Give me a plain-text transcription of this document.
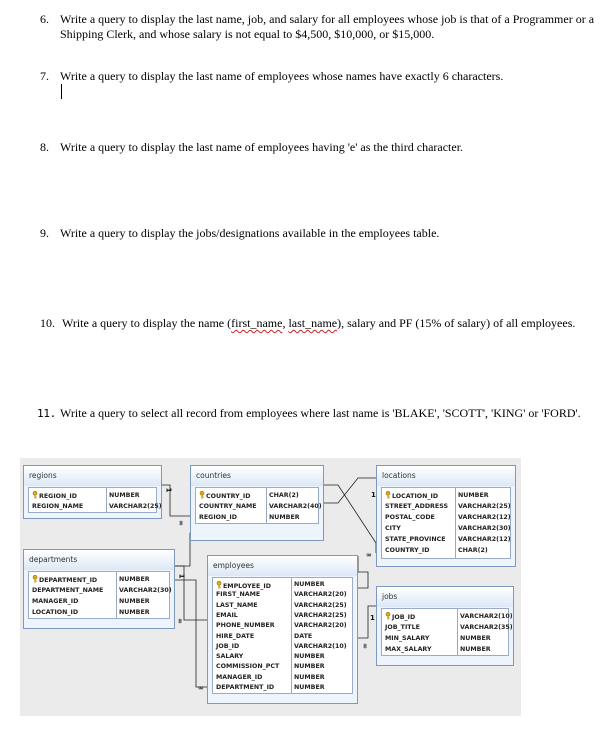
6. Write a query to display the last name, job, and salary for all employees whose job is that of a Programmer or a Shipping Clerk, and whose salary is not equal to $4,500, $10,000, or $15,000.
7. Write a query to display the last name of employees whose names have exactly 6 characters.
8. Write a query to display the last name of employees having 'e' as the third character.
9. Write a query to display the jobs/designations available in the employees table.
10. Write a query to display the name (first_name, last_name), salary and PF (15% of salary) of all employees.
11. Write a query to select all record from employees where last name is 'BLAKE', 'SCOTT', 'KING' or 'FORD'.
regions
REGION_ID	NUMBER
REGION_NAME	VARCHAR2(25)
countries
COUNTRY_ID	CHAR(2)
COUNTRY_NAME VARCHAR2(40)
REGION_ID	NUMBER
locations
LOCATION_ID	NUMBER
STREET_ADDRESS VARCHAR2(25)
POSTAL_CODE	VARCHAR2(12)
CITY	VARCHAR2(30)
STATE_PROVINCE VARCHAR2(12)
COUNTRY_ID	CHAR(2)
departments
DEPARTMENT_ID	NUMBER
DEPARTMENT_NAME VARCHAR2(30)
MANAGER_ID	NUMBER
LOCATION_ID	NUMBER
employees
EMPLOYEE_ID	NUMBER
FIRST_NAME	VARCHAR2(20)
LAST_NAME	VARCHAR2(25)
EMAIL	VARCHAR2(25)
PHONE_NUMBER	VARCHAR2(20)
HIRE_DATE	DATE
JOB_ID	VARCHAR2(10)
SALARY	NUMBER
COMMISSION_PCT NUMBER
MANAGER_ID	NUMBER
DEPARTMENT_ID	NUMBER
jobs
JOB_ID	VARCHAR2(10)
JOB_TITLE	VARCHAR2(35)
MIN_SALARY	NUMBER
MAX_SALARY	NUMBER
1
∞
1
∞
1
∞
∞
∞
1
